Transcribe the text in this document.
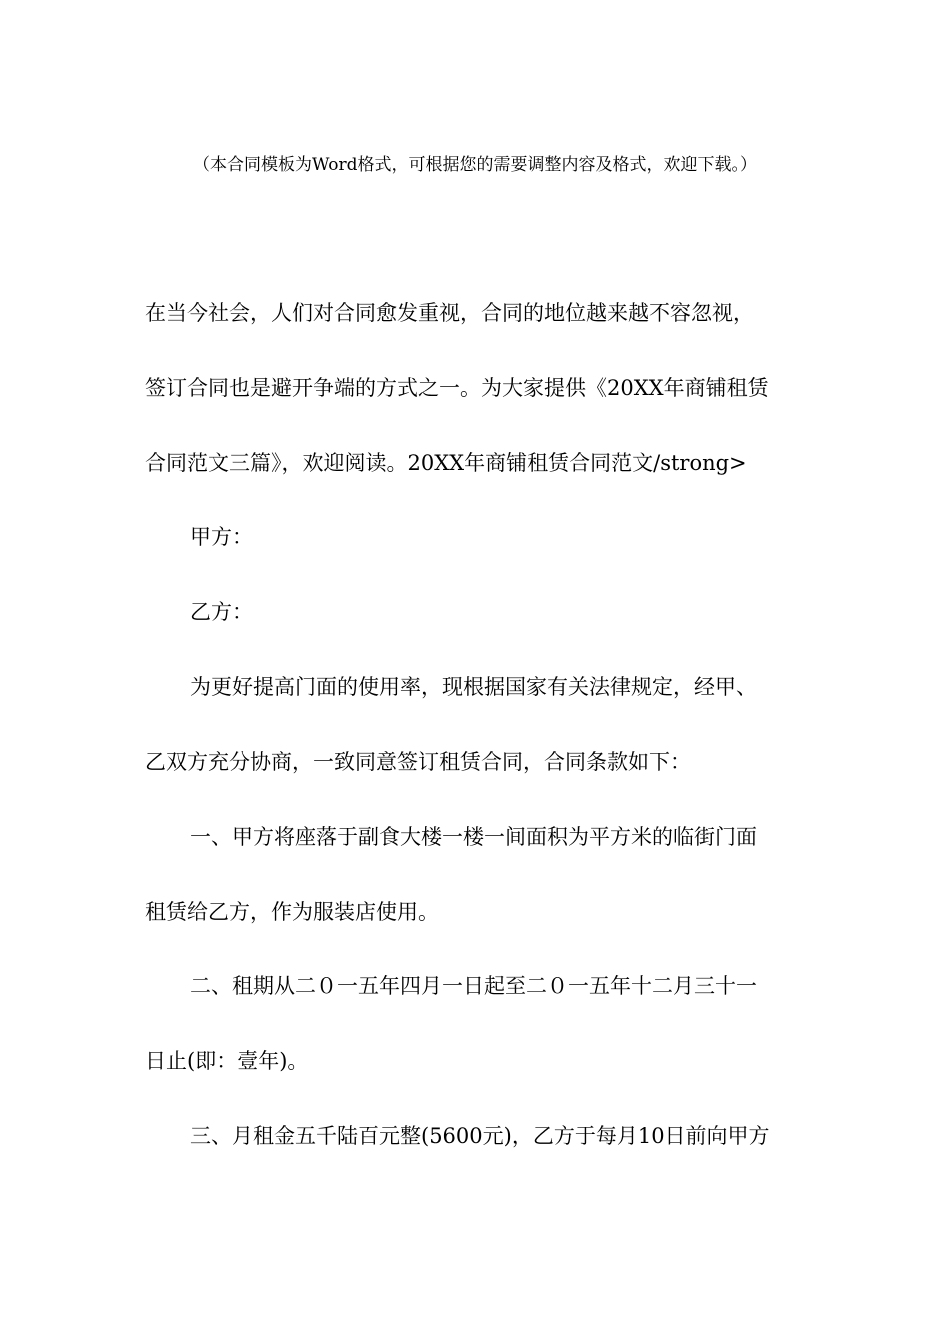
（本合同模板为Word格式，可根据您的需要调整内容及格式，欢迎下载。）
在当今社会，人们对合同愈发重视，合同的地位越来越不容忽视，
签订合同也是避开争端的方式之一。为大家提供《20XX年商铺租赁
合同范文三篇》，欢迎阅读。20XX年商铺租赁合同范文/strong>
甲方：
乙方：
为更好提高门面的使用率，现根据国家有关法律规定，经甲、
乙双方充分协商，一致同意签订租赁合同，合同条款如下：
一、甲方将座落于副食大楼一楼一间面积为平方米的临街门面
租赁给乙方，作为服装店使用。
二、租期从二０一五年四月一日起至二０一五年十二月三十一
日止(即：壹年)。
三、月租金五千陆百元整(5600元)，乙方于每月10日前向甲方
